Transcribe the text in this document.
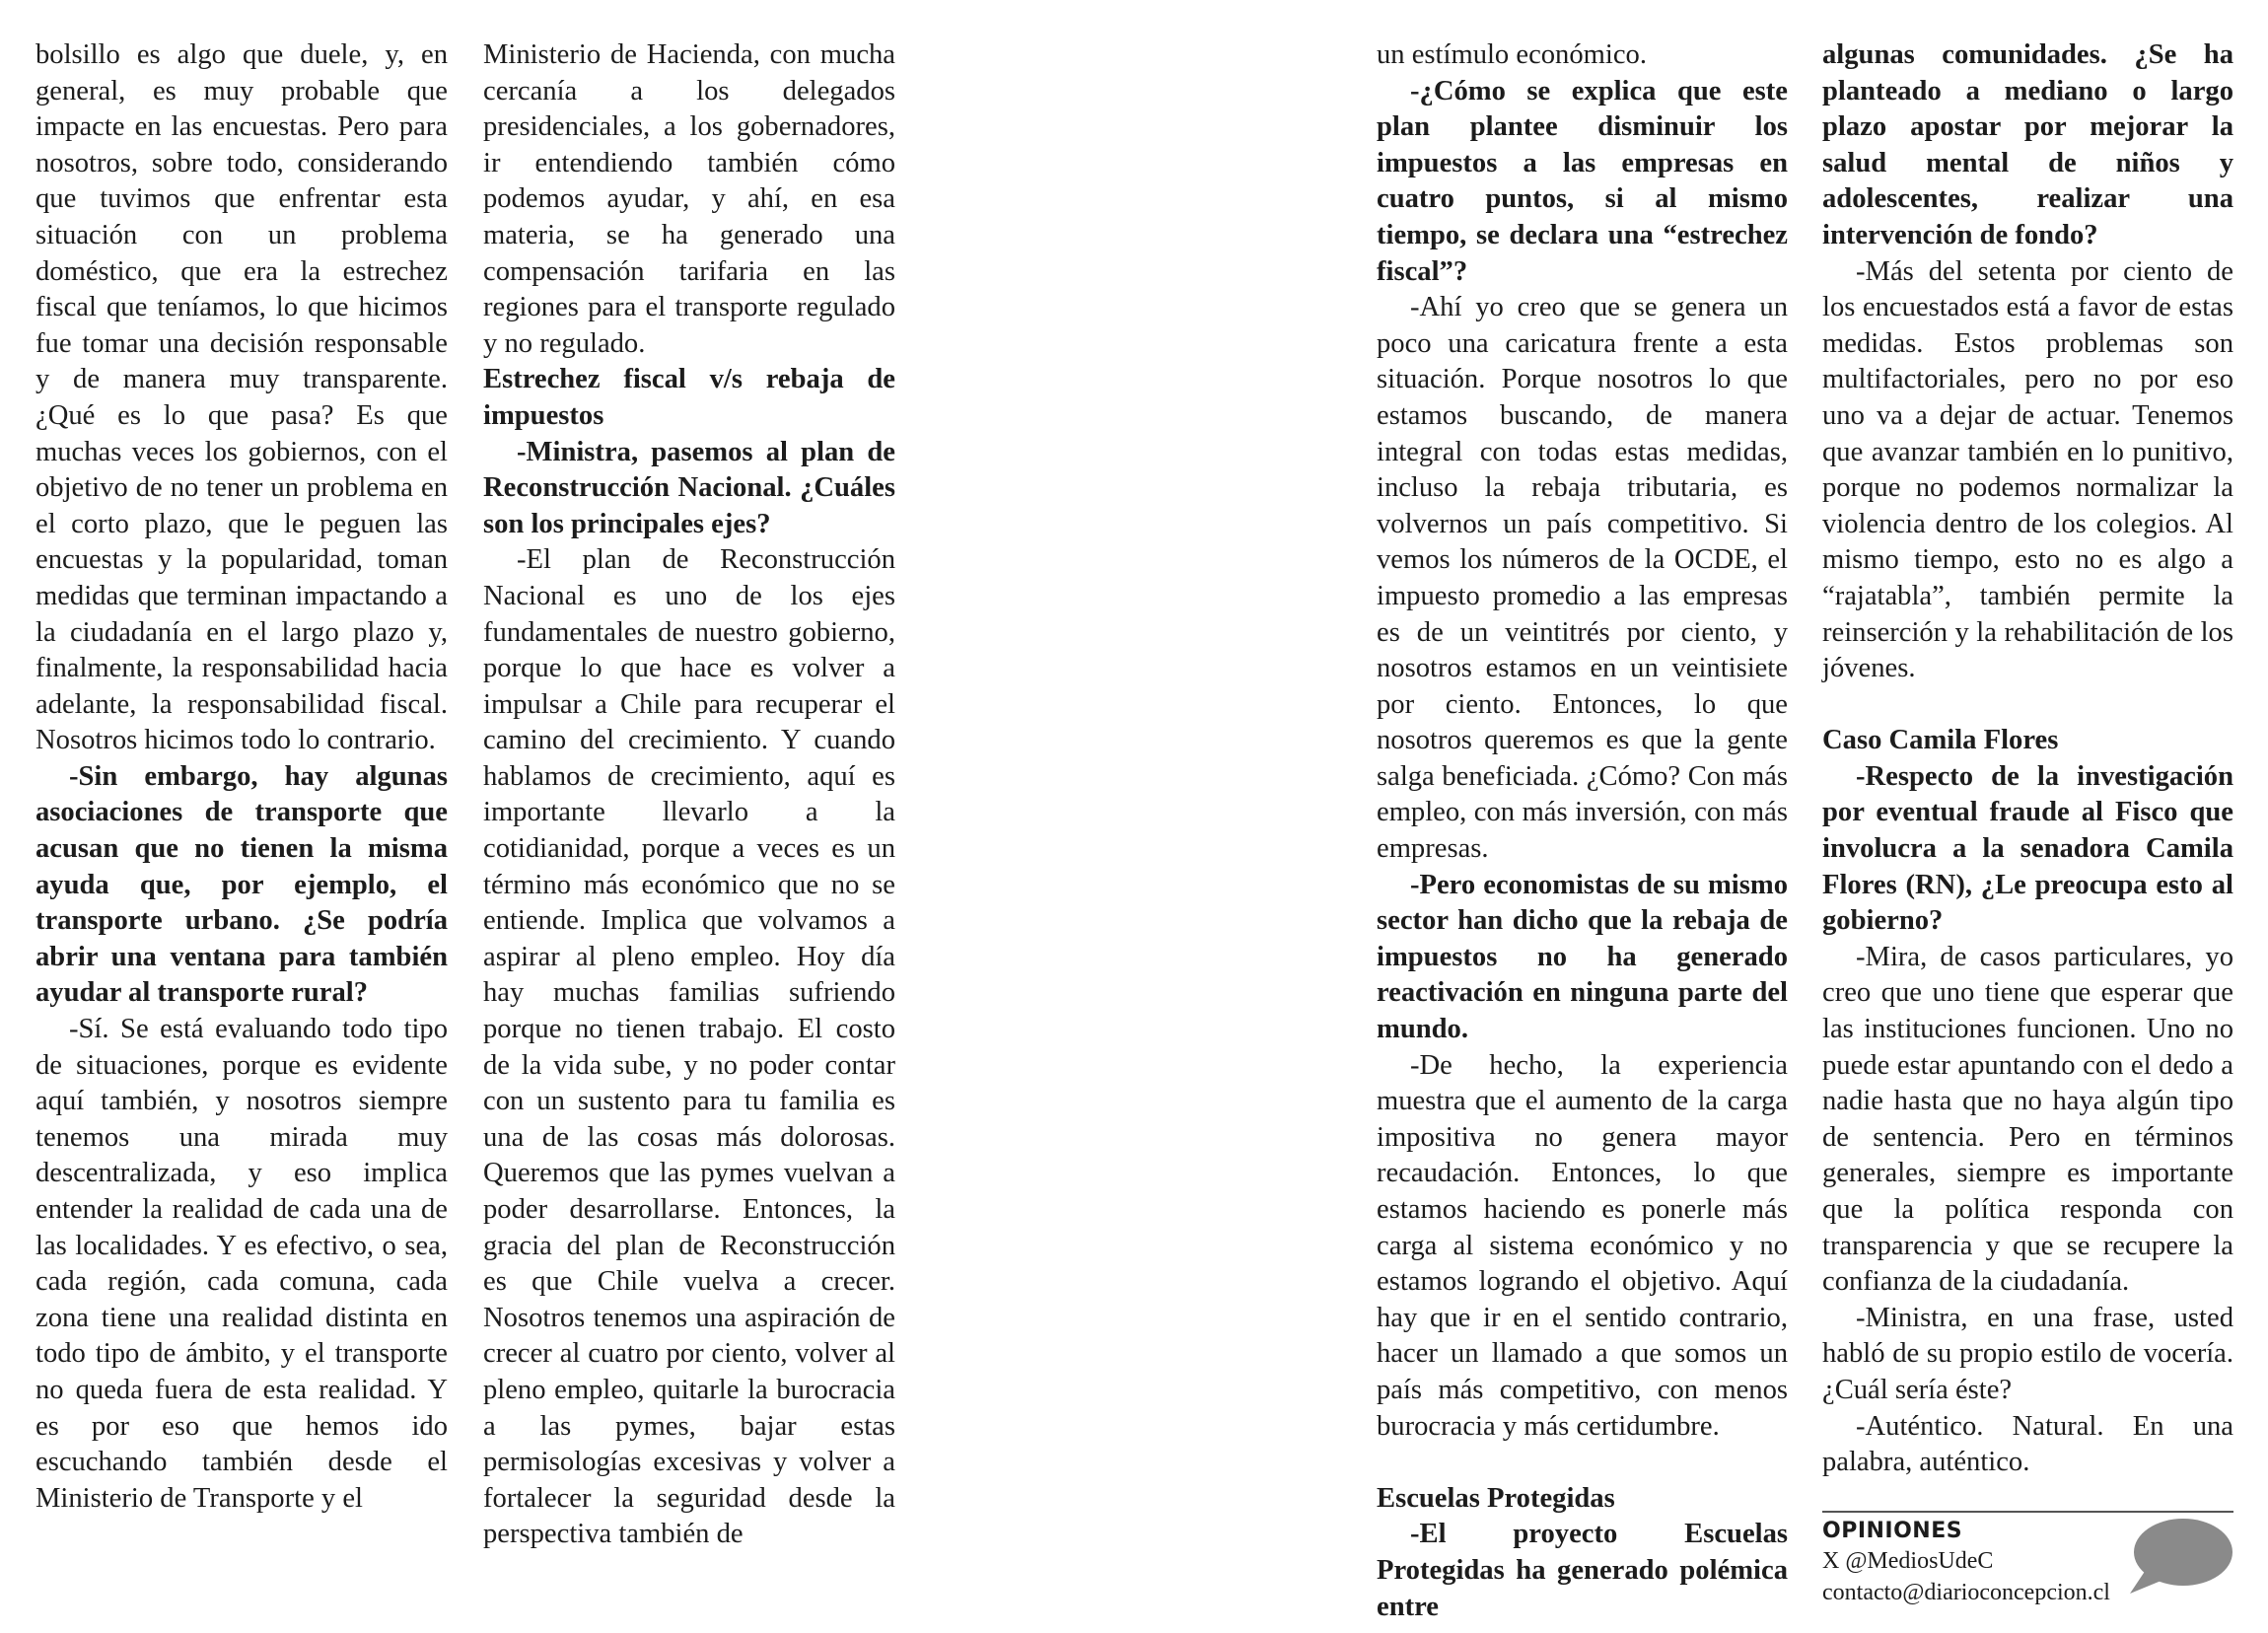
bolsillo es algo que duele, y, en general, es muy probable que impacte en las encuestas. Pero para nosotros, sobre todo, considerando que tuvimos que enfrentar esta situación con un problema doméstico, que era la estrechez fiscal que teníamos, lo que hicimos fue tomar una decisión responsable y de manera muy transparente. ¿Qué es lo que pasa? Es que muchas veces los gobiernos, con el objetivo de no tener un problema en el corto plazo, que le peguen las encuestas y la popularidad, toman medidas que terminan impactando a la ciudadanía en el largo plazo y, finalmente, la responsabilidad hacia adelante, la responsabilidad fiscal. Nosotros hicimos todo lo contrario.

-Sin embargo, hay algunas asociaciones de transporte que acusan que no tienen la misma ayuda que, por ejemplo, el transporte urbano. ¿Se podría abrir una ventana para también ayudar al transporte rural?

-Sí. Se está evaluando todo tipo de situaciones, porque es evidente aquí también, y nosotros siempre tenemos una mirada muy descentralizada, y eso implica entender la realidad de cada una de las localidades. Y es efectivo, o sea, cada región, cada comuna, cada zona tiene una realidad distinta en todo tipo de ámbito, y el transporte no queda fuera de esta realidad. Y es por eso que hemos ido escuchando también desde el Ministerio de Transporte y el

Ministerio de Hacienda, con mucha cercanía a los delegados presidenciales, a los gobernadores, ir entendiendo también cómo podemos ayudar, y ahí, en esa materia, se ha generado una compensación tarifaria en las regiones para el transporte regulado y no regulado.

Estrechez fiscal v/s rebaja de impuestos

-Ministra, pasemos al plan de Reconstrucción Nacional. ¿Cuáles son los principales ejes?

-El plan de Reconstrucción Nacional es uno de los ejes fundamentales de nuestro gobierno, porque lo que hace es volver a impulsar a Chile para recuperar el camino del crecimiento. Y cuando hablamos de crecimiento, aquí es importante llevarlo a la cotidianidad, porque a veces es un término más económico que no se entiende. Implica que volvamos a aspirar al pleno empleo. Hoy día hay muchas familias sufriendo porque no tienen trabajo. El costo de la vida sube, y no poder contar con un sustento para tu familia es una de las cosas más dolorosas. Queremos que las pymes vuelvan a poder desarrollarse. Entonces, la gracia del plan de Reconstrucción es que Chile vuelva a crecer. Nosotros tenemos una aspiración de crecer al cuatro por ciento, volver al pleno empleo, quitarle la burocracia a las pymes, bajar estas permisologías excesivas y volver a fortalecer la seguridad desde la perspectiva también de

un estímulo económico.

-¿Cómo se explica que este plan plantee disminuir los impuestos a las empresas en cuatro puntos, si al mismo tiempo, se declara una “estrechez fiscal”?

-Ahí yo creo que se genera un poco una caricatura frente a esta situación. Porque nosotros lo que estamos buscando, de manera integral con todas estas medidas, incluso la rebaja tributaria, es volvernos un país competitivo. Si vemos los números de la OCDE, el impuesto promedio a las empresas es de un veintitrés por ciento, y nosotros estamos en un veintisiete por ciento. Entonces, lo que nosotros queremos es que la gente salga beneficiada. ¿Cómo? Con más empleo, con más inversión, con más empresas.

-Pero economistas de su mismo sector han dicho que la rebaja de impuestos no ha generado reactivación en ninguna parte del mundo.

-De hecho, la experiencia muestra que el aumento de la carga impositiva no genera mayor recaudación. Entonces, lo que estamos haciendo es ponerle más carga al sistema económico y no estamos logrando el objetivo. Aquí hay que ir en el sentido contrario, hacer un llamado a que somos un país más competitivo, con menos burocracia y más certidumbre.

Escuelas Protegidas

-El proyecto Escuelas Protegidas ha generado polémica entre

algunas comunidades. ¿Se ha planteado a mediano o largo plazo apostar por mejorar la salud mental de niños y adolescentes, realizar una intervención de fondo?

-Más del setenta por ciento de los encuestados está a favor de estas medidas. Estos problemas son multifactoriales, pero no por eso uno va a dejar de actuar. Tenemos que avanzar también en lo punitivo, porque no podemos normalizar la violencia dentro de los colegios. Al mismo tiempo, esto no es algo a “rajatabla”, también permite la reinserción y la rehabilitación de los jóvenes.

Caso Camila Flores

-Respecto de la investigación por eventual fraude al Fisco que involucra a la senadora Camila Flores (RN), ¿Le preocupa esto al gobierno?

-Mira, de casos particulares, yo creo que uno tiene que esperar que las instituciones funcionen. Uno no puede estar apuntando con el dedo a nadie hasta que no haya algún tipo de sentencia. Pero en términos generales, siempre es importante que la política responda con transparencia y que se recupere la confianza de la ciudadanía.

-Ministra, en una frase, usted habló de su propio estilo de vocería. ¿Cuál sería éste?

-Auténtico. Natural. En una palabra, auténtico.

OPINIONES
X @MediosUdeC
contacto@diarioconcepcion.cl
